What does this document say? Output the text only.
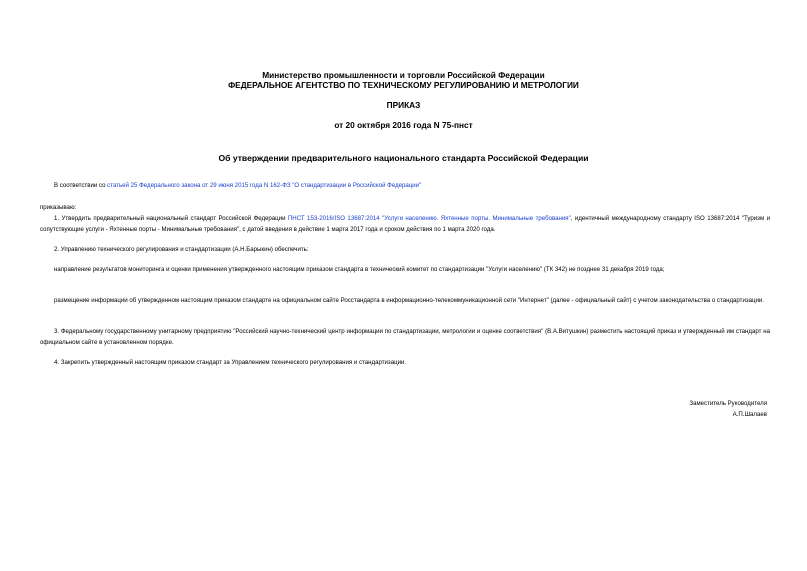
Министерство промышленности и торговли Российской Федерации
ФЕДЕРАЛЬНОЕ АГЕНТСТВО ПО ТЕХНИЧЕСКОМУ РЕГУЛИРОВАНИЮ И МЕТРОЛОГИИ
ПРИКАЗ
от 20 октября 2016 года N 75-пнст
Об утверждении предварительного национального стандарта Российской Федерации
В соответствии со статьей 25 Федерального закона от 29 июня 2015 года N 162-ФЗ "О стандартизации в Российской Федерации"
приказываю:
1. Утвердить предварительный национальный стандарт Российской Федерации ПНСТ 153-2016/ISO 13687:2014 "Услуги населению. Яхтенные порты. Минимальные требования", идентичный международному стандарту ISO 13687:2014 "Туризм и сопутствующие услуги - Яхтенные порты - Минимальные требования", с датой введения в действие 1 марта 2017 года и сроком действия по 1 марта 2020 года.
2. Управлению технического регулирования и стандартизации (А.Н.Барыкин) обеспечить:
направление результатов мониторинга и оценки применения утвержденного настоящим приказом стандарта в технический комитет по стандартизации "Услуги населению" (ТК 342) не позднее 31 декабря 2019 года;
размещение информации об утвержденном настоящим приказом стандарте на официальном сайте Росстандарта в информационно-телекоммуникационной сети "Интернет" (далее - официальный сайт) с учетом законодательства о стандартизации.
3. Федеральному государственному унитарному предприятию "Российский научно-технический центр информации по стандартизации, метрологии и оценке соответствия" (В.А.Витушкин) разместить настоящий приказ и утвержденный им стандарт на официальном сайте в установленном порядке.
4. Закрепить утвержденный настоящим приказом стандарт за Управлением технического регулирования и стандартизации.
Заместитель Руководителя
А.П.Шалаев
